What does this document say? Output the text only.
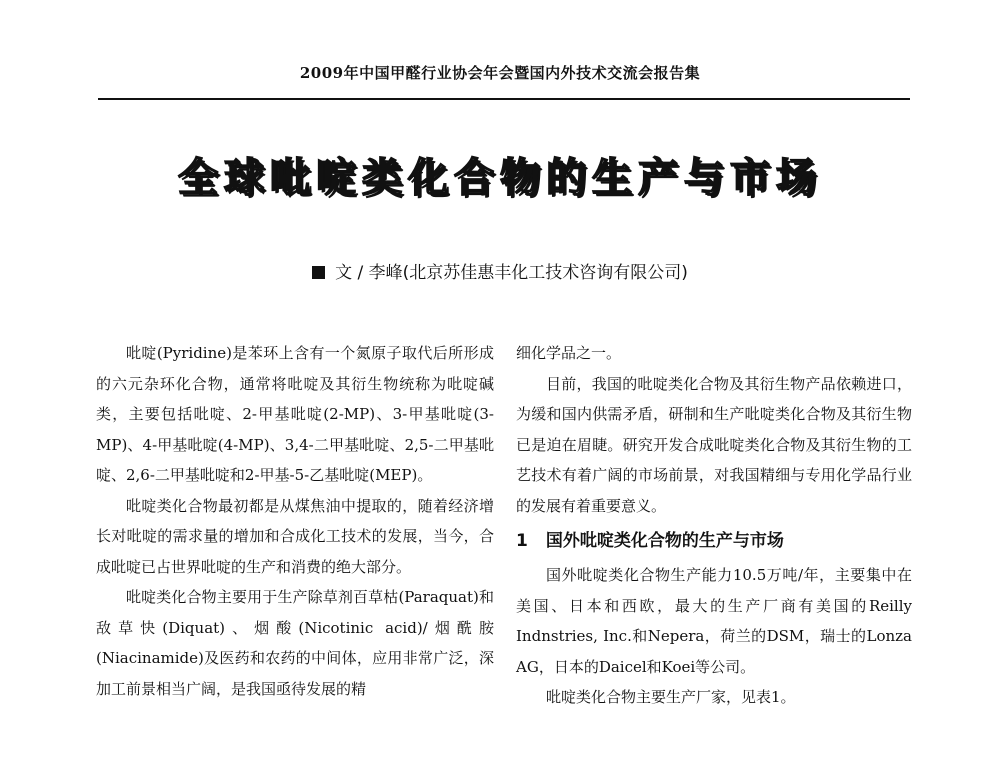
2009年中国甲醛行业协会年会暨国内外技术交流会报告集
全球吡啶类化合物的生产与市场
文 / 李峰(北京苏佳惠丰化工技术咨询有限公司)

吡啶(Pyridine)是苯环上含有一个氮原子取代后所形成的六元杂环化合物，通常将吡啶及其衍生物统称为吡啶碱类，主要包括吡啶、2-甲基吡啶(2-MP)、3-甲基吡啶(3-MP)、4-甲基吡啶(4-MP)、3,4-二甲基吡啶、2,5-二甲基吡啶、2,6-二甲基吡啶和2-甲基-5-乙基吡啶(MEP)。

吡啶类化合物最初都是从煤焦油中提取的，随着经济增长对吡啶的需求量的增加和合成化工技术的发展，当今，合成吡啶已占世界吡啶的生产和消费的绝大部分。

吡啶类化合物主要用于生产除草剂百草枯(Paraquat)和敌草快(Diquat)、烟酸(Nicotinic acid)/烟酰胺(Niacinamide)及医药和农药的中间体，应用非常广泛，深加工前景相当广阔，是我国亟待发展的精

细化学品之一。

目前，我国的吡啶类化合物及其衍生物产品依赖进口，为缓和国内供需矛盾，研制和生产吡啶类化合物及其衍生物已是迫在眉睫。研究开发合成吡啶类化合物及其衍生物的工艺技术有着广阔的市场前景，对我国精细与专用化学品行业的发展有着重要意义。

1 国外吡啶类化合物的生产与市场

国外吡啶类化合物生产能力10.5万吨/年，主要集中在美国、日本和西欧，最大的生产厂商有美国的Reilly Indnstries, Inc.和Nepera，荷兰的DSM，瑞士的Lonza AG，日本的Daicel和Koei等公司。

吡啶类化合物主要生产厂家，见表1。
